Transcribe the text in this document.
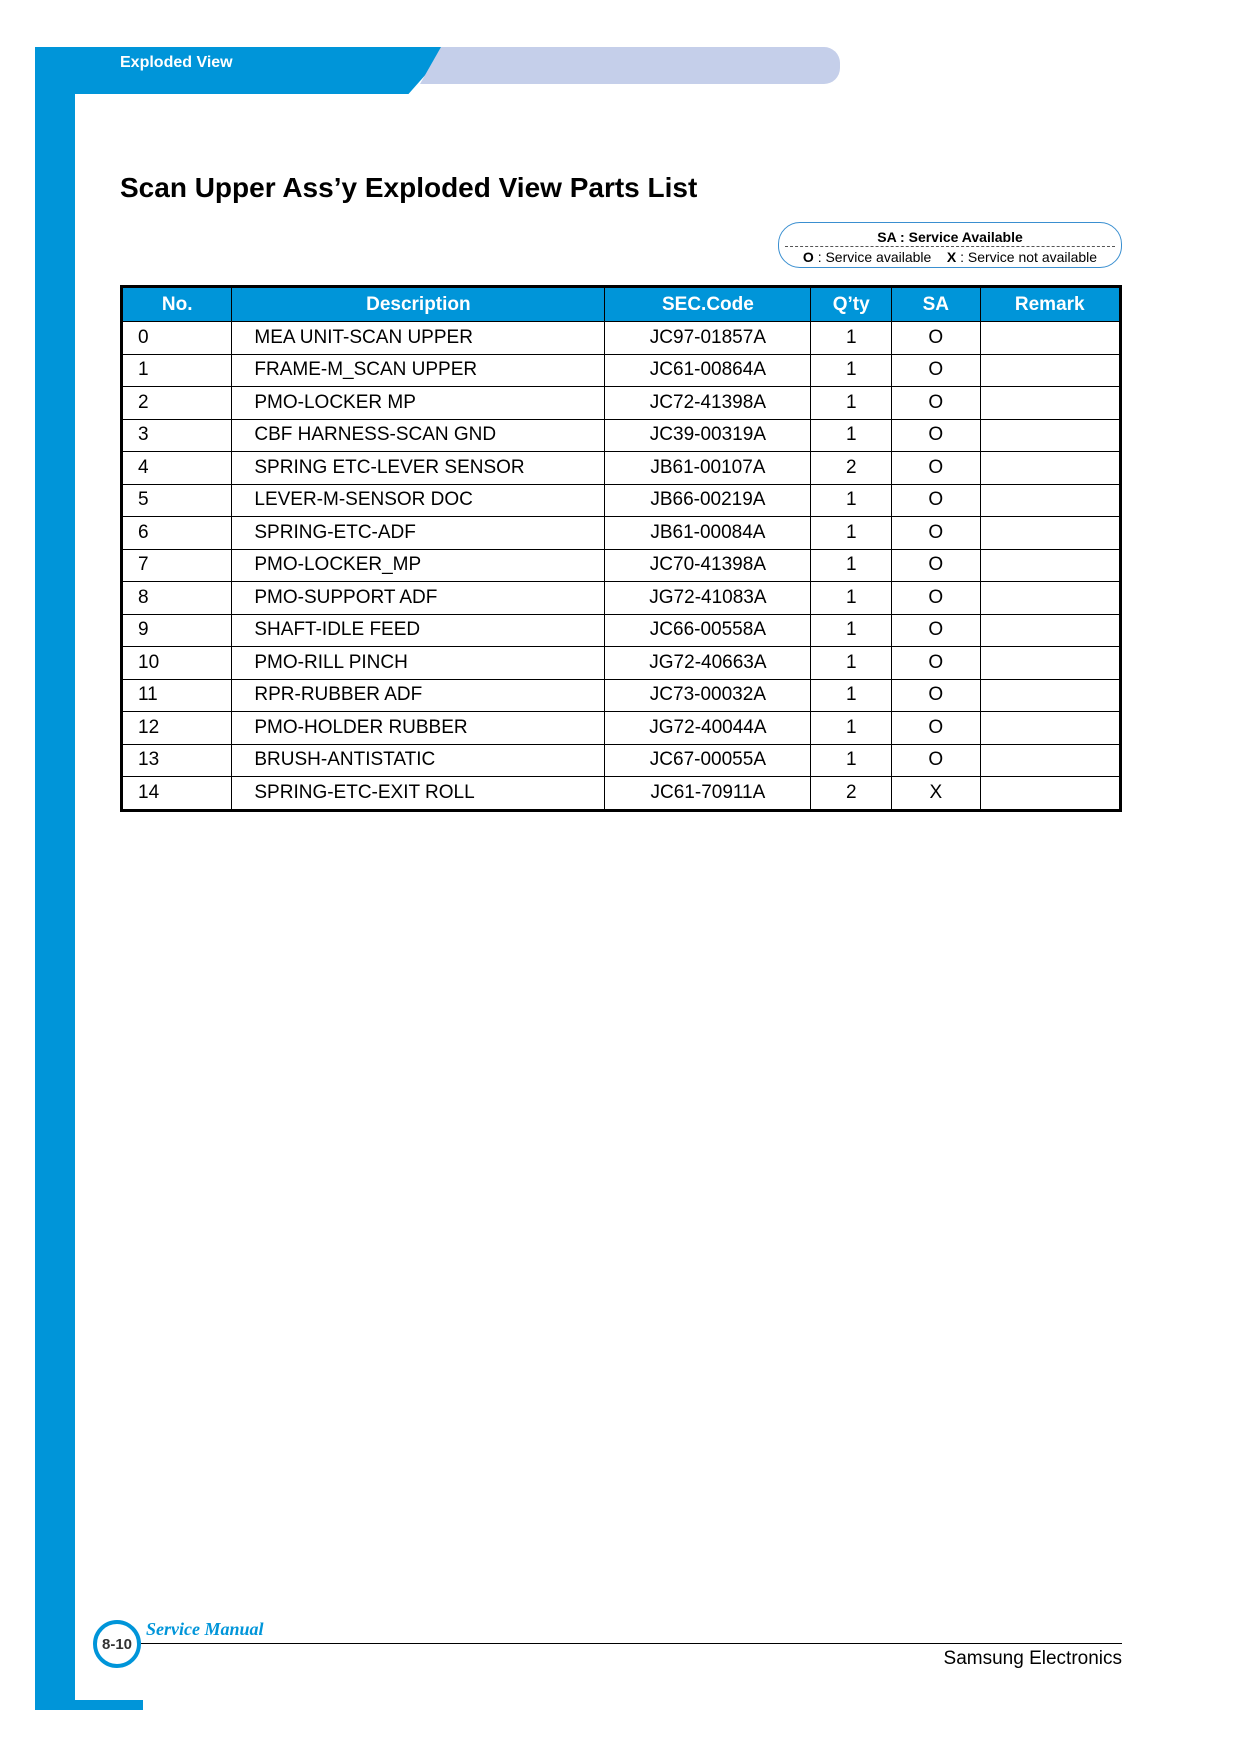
Exploded View
Scan Upper Ass’y Exploded View Parts List
SA : Service Available
O : Service available X : Service not available
No.	Description	SEC.Code	Q’ty	SA	Remark
0	MEA UNIT-SCAN UPPER	JC97-01857A	1	O	
1	FRAME-M_SCAN UPPER	JC61-00864A	1	O	
2	PMO-LOCKER MP	JC72-41398A	1	O	
3	CBF HARNESS-SCAN GND	JC39-00319A	1	O	
4	SPRING ETC-LEVER SENSOR	JB61-00107A	2	O	
5	LEVER-M-SENSOR DOC	JB66-00219A	1	O	
6	SPRING-ETC-ADF	JB61-00084A	1	O	
7	PMO-LOCKER_MP	JC70-41398A	1	O	
8	PMO-SUPPORT ADF	JG72-41083A	1	O	
9	SHAFT-IDLE FEED	JC66-00558A	1	O	
10	PMO-RILL PINCH	JG72-40663A	1	O	
11	RPR-RUBBER ADF	JC73-00032A	1	O	
12	PMO-HOLDER RUBBER	JG72-40044A	1	O	
13	BRUSH-ANTISTATIC	JC67-00055A	1	O	
14	SPRING-ETC-EXIT ROLL	JC61-70911A	2	X	
8-10
Service Manual
Samsung Electronics
